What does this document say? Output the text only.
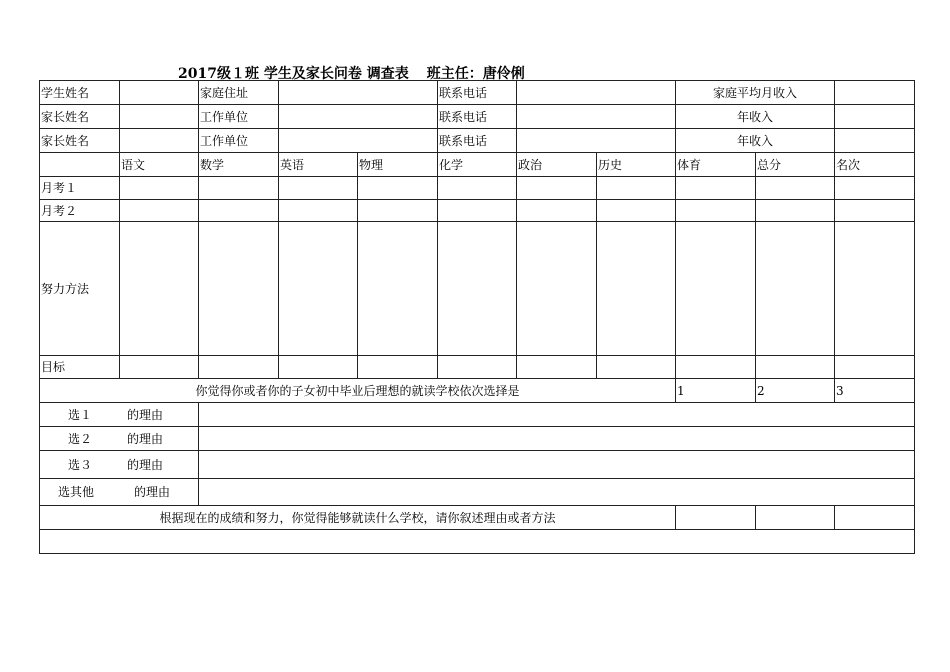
2017级１班 学生及家长问卷 调查表 班主任：唐伶俐
学生姓名		家庭住址			联系电话			家庭平均月收入		
家长姓名		工作单位			联系电话			年收入		
家长姓名		工作单位			联系电话			年收入		
	语文	数学	英语	物理	化学	政治	历史	体育	总分	名次
月考１										
月考２										
努力方法										
目标										
你觉得你或者你的子女初中毕业后理想的就读学校依次选择是								1	2	3
选１ 的理由										
选２ 的理由										
选３ 的理由										
选其他 的理由										
根据现在的成绩和努力，你觉得能够就读什么学校，请你叙述理由或者方法										
